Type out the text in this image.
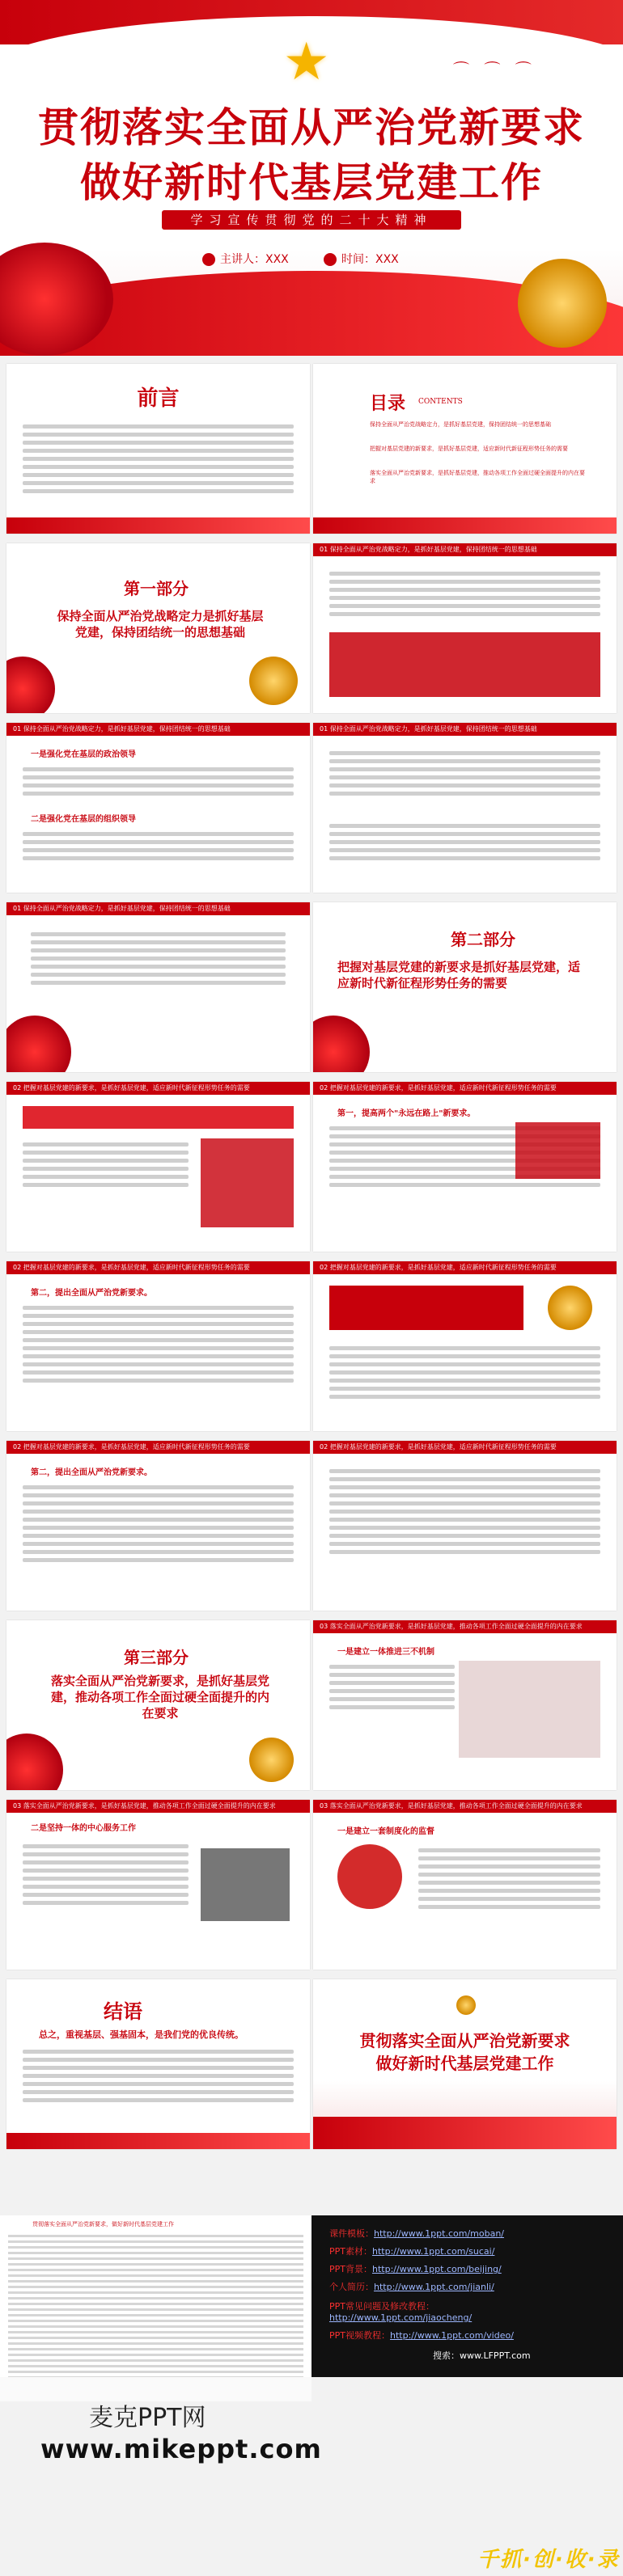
★	⌒ ⌒ ⌒
贯彻落实全面从严治党新要求
做好新时代基层党建工作
学习宣传贯彻党的二十大精神
主讲人：XXX	时间：XXX
前言	目录 CONTENTS
保持全面从严治党战略定力，是抓好基层党建，保持团结统一的思想基础
把握对基层党建的新要求，是抓好基层党建，适应新时代新征程形势任务的需要
落实全面从严治党新要求，是抓好基层党建，推动各项工作全面过硬全面提升的内在要求
第一部分
保持全面从严治党战略定力是抓好基层党建，保持团结统一的思想基础
01 保持全面从严治党战略定力，是抓好基层党建，保持团结统一的思想基础
01 保持全面从严治党战略定力，是抓好基层党建，保持团结统一的思想基础
一是强化党在基层的政治领导
二是强化党在基层的组织领导
01 保持全面从严治党战略定力，是抓好基层党建，保持团结统一的思想基础
01 保持全面从严治党战略定力，是抓好基层党建，保持团结统一的思想基础
第二部分
把握对基层党建的新要求是抓好基层党建，适应新时代新征程形势任务的需要
02 把握对基层党建的新要求，是抓好基层党建，适应新时代新征程形势任务的需要	02 把握对基层党建的新要求，是抓好基层党建，适应新时代新征程形势任务的需要
第一，提高两个"永远在路上"新要求。
02 把握对基层党建的新要求，是抓好基层党建，适应新时代新征程形势任务的需要
第二，提出全面从严治党新要求。
02 把握对基层党建的新要求，是抓好基层党建，适应新时代新征程形势任务的需要
02 把握对基层党建的新要求，是抓好基层党建，适应新时代新征程形势任务的需要
第二，提出全面从严治党新要求。
02 把握对基层党建的新要求，是抓好基层党建，适应新时代新征程形势任务的需要
第三部分
落实全面从严治党新要求，是抓好基层党建，推动各项工作全面过硬全面提升的内在要求
03 落实全面从严治党新要求，是抓好基层党建，推动各项工作全面过硬全面提升的内在要求
一是建立一体推进三不机制
03 落实全面从严治党新要求，是抓好基层党建，推动各项工作全面过硬全面提升的内在要求
二是坚持一体的中心服务工作
03 落实全面从严治党新要求，是抓好基层党建，推动各项工作全面过硬全面提升的内在要求
一是建立一套制度化的监督
结语
总之，重视基层、强基固本，是我们党的优良传统。	贯彻落实全面从严治党新要求
做好新时代基层党建工作
贯彻落实全面从严治党新要求，做好新时代基层党建工作
课件模板：http://www.1ppt.com/moban/
PPT素材：http://www.1ppt.com/sucai/
PPT背景：http://www.1ppt.com/beijing/
个人简历：http://www.1ppt.com/jianli/
PPT常见问题及修改教程：
http://www.1ppt.com/jiaocheng/
PPT视频教程：http://www.1ppt.com/video/
搜索：www.LFPPT.com
麦克PPT网
www.mikeppt.com
千抓·创·收·录
